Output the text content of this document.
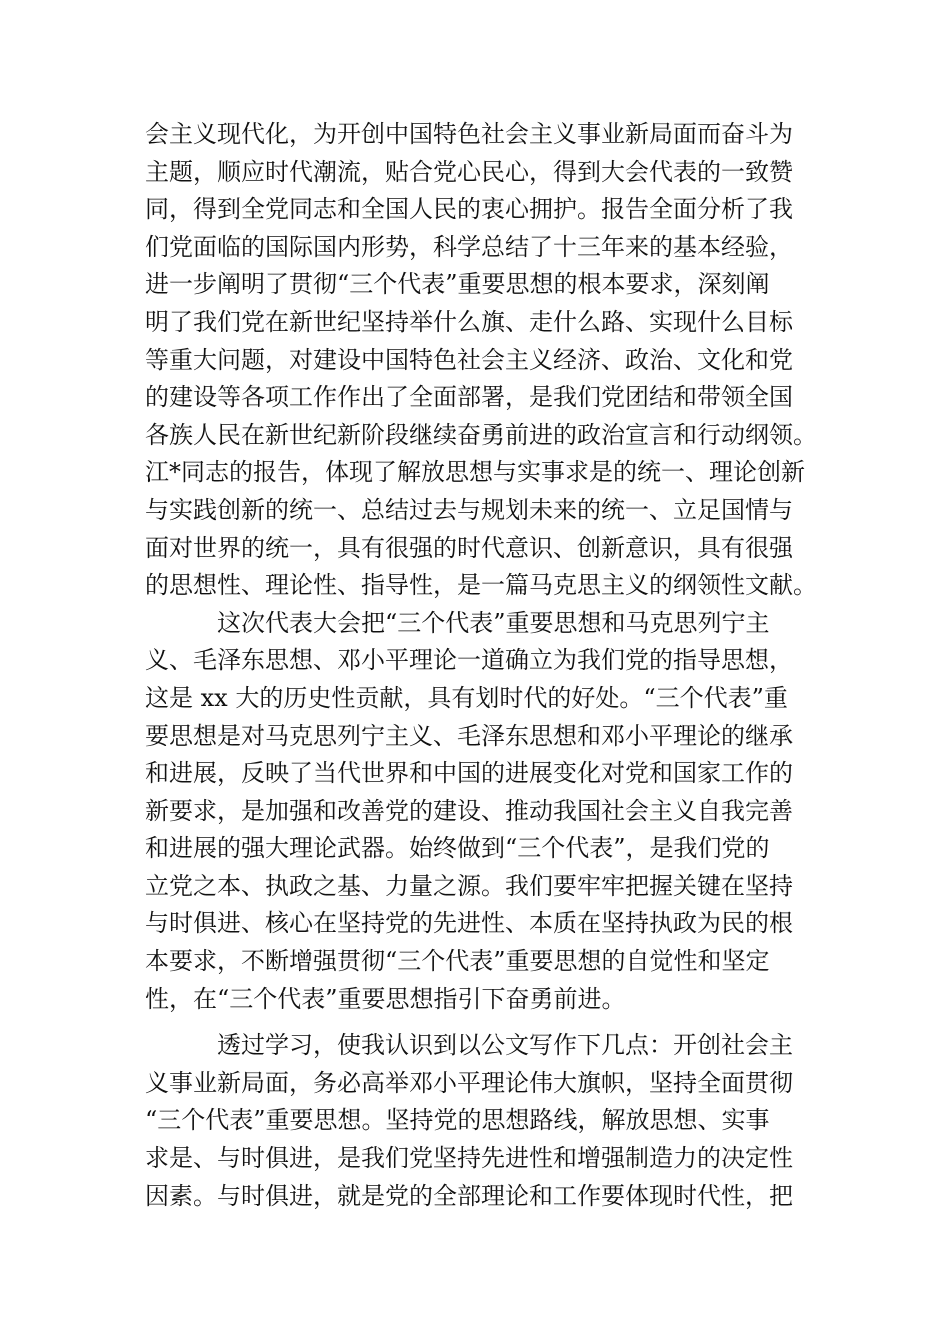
会主义现代化，为开创中国特色社会主义事业新局面而奋斗为
主题，顺应时代潮流，贴合党心民心，得到大会代表的一致赞
同，得到全党同志和全国人民的衷心拥护。报告全面分析了我
们党面临的国际国内形势，科学总结了十三年来的基本经验，
进一步阐明了贯彻“三个代表”重要思想的根本要求，深刻阐
明了我们党在新世纪坚持举什么旗、走什么路、实现什么目标
等重大问题，对建设中国特色社会主义经济、政治、文化和党
的建设等各项工作作出了全面部署，是我们党团结和带领全国
各族人民在新世纪新阶段继续奋勇前进的政治宣言和行动纲领。
江*同志的报告，体现了解放思想与实事求是的统一、理论创新
与实践创新的统一、总结过去与规划未来的统一、立足国情与
面对世界的统一，具有很强的时代意识、创新意识，具有很强
的思想性、理论性、指导性，是一篇马克思主义的纲领性文献。
这次代表大会把“三个代表”重要思想和马克思列宁主
义、毛泽东思想、邓小平理论一道确立为我们党的指导思想，
这是 xx 大的历史性贡献，具有划时代的好处。“三个代表”重
要思想是对马克思列宁主义、毛泽东思想和邓小平理论的继承
和进展，反映了当代世界和中国的进展变化对党和国家工作的
新要求，是加强和改善党的建设、推动我国社会主义自我完善
和进展的强大理论武器。始终做到“三个代表”，是我们党的
立党之本、执政之基、力量之源。我们要牢牢把握关键在坚持
与时俱进、核心在坚持党的先进性、本质在坚持执政为民的根
本要求，不断增强贯彻“三个代表”重要思想的自觉性和坚定
性，在“三个代表”重要思想指引下奋勇前进。
透过学习，使我认识到以公文写作下几点：开创社会主
义事业新局面，务必高举邓小平理论伟大旗帜，坚持全面贯彻
“三个代表”重要思想。坚持党的思想路线，解放思想、实事
求是、与时俱进，是我们党坚持先进性和增强制造力的决定性
因素。与时俱进，就是党的全部理论和工作要体现时代性，把
